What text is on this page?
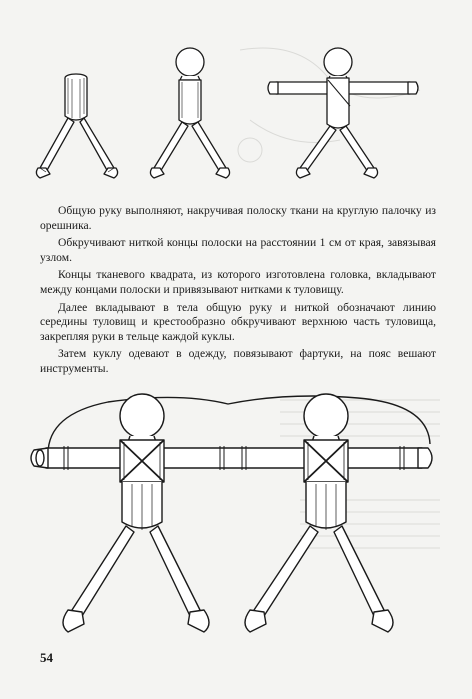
Общую руку выполняют, накручивая полоску ткани на круглую палочку из орешника.

Обкручивают ниткой концы полоски на расстоянии 1 см от края, завязывая узлом.

Концы тканевого квадрата, из которого изготовлена головка, вкладывают между концами полоски и привязывают нитками к туловищу.

Далее вкладывают в тела общую руку и ниткой обозначают линию середины туловищ и крестообразно обкручивают верхнюю часть туловища, закрепляя руки в тельце каждой куклы.

Затем куклу одевают в одежду, повязывают фартуки, на пояс вешают инструменты.

54
